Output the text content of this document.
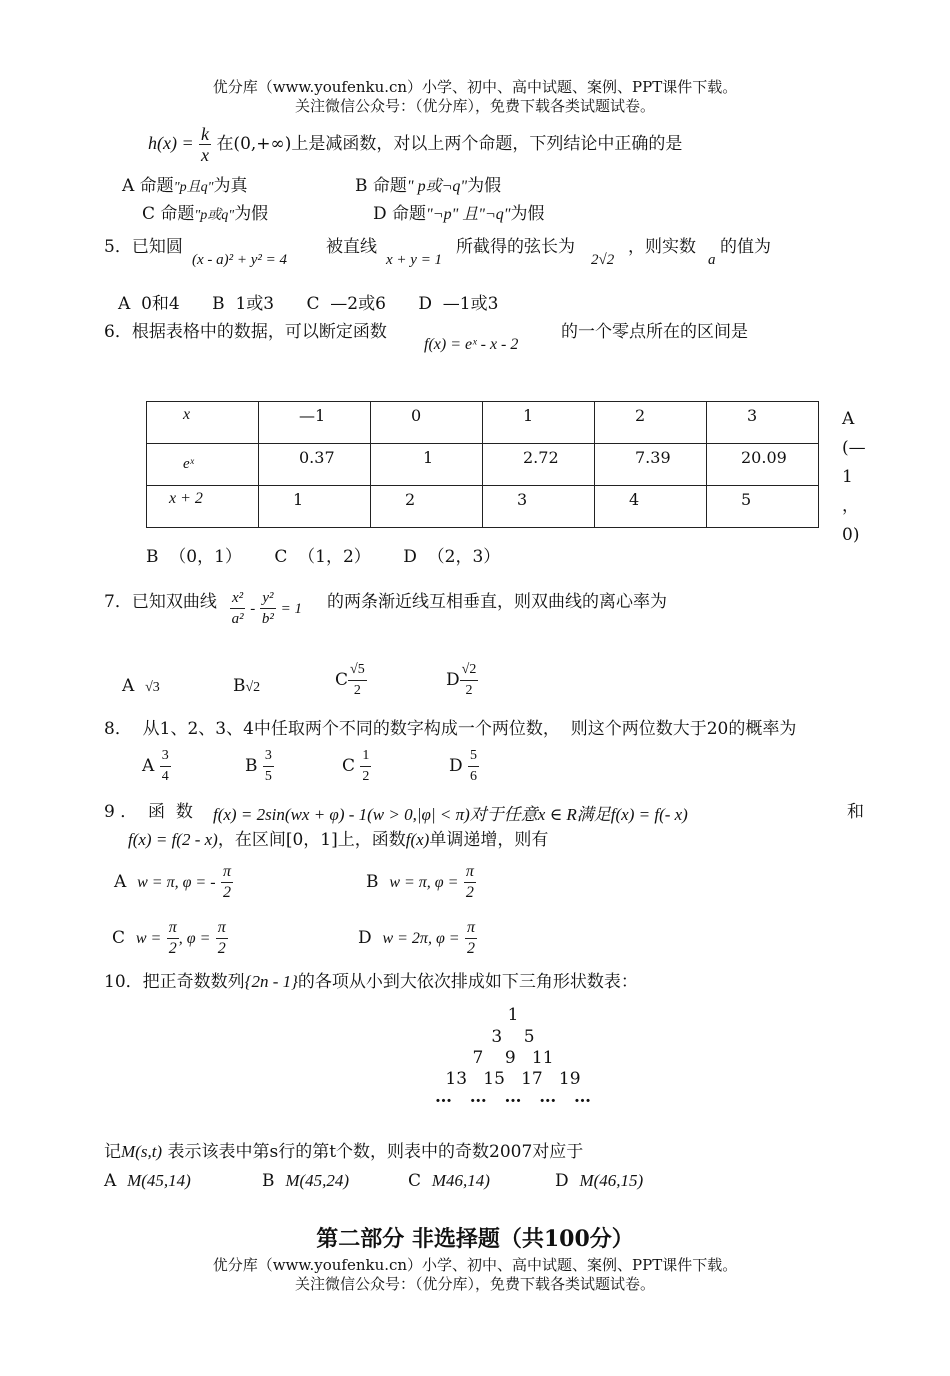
优分库（www.youfenku.cn）小学、初中、高中试题、案例、PPT课件下载。
关注微信公众号：（优分库），免费下载各类试题试卷。
$h(x) = \frac{k}{x}$ 在(0,+∞)上是减函数，对以上两个命题，下列结论中正确的是
A 命题"p且q"为真	B 命题" p或¬q"为假
C 命题"p或q"为假	D 命题"¬p" 且"¬q"为假
5．已知圆
(x - a)² + y² = 4
被直线
x + y = 1
所截得的弦长为
2√2
，则实数
a
的值为
A  0和4      B  1或3      C  —2或6      D  —1或3
6．根据表格中的数据，可以断定函数
f(x) = eˣ - x - 2
的一个零点所在的区间是
x	—1	0	1	2	3
eˣ	0.37	1	2.72	7.39	20.09
x + 2	1	2	3	4	5
A
(—
1
，
0)
B  （0，1）      C  （1，2）      D  （2，3）
7．已知双曲线 $\frac{\text{x²}}{\text{a²}} - \frac{\text{y²}}{\text{b²}} = 1$ 的两条渐近线互相垂直，则双曲线的离心率为
A √3	B√2	C $\frac{√5}{2}$	D $\frac{√2}{2}$
8．  从1、2、3、4中任取两个不同的数字构成一个两位数，  则这个两位数大于20的概率为
A $\frac{3}{4}$	B $\frac{3}{5}$	C $\frac{1}{2}$	D $\frac{5}{6}$
9 ．  函  数 f(x) = 2sin(wx + φ) - 1(w > 0,|φ| < π)对于任意x ∈ R满足f(x) = f(- x)	和
f(x) = f(2 - x)，在区间[0，1]上，函数f(x)单调递增，则有
A w = π, φ = - $\frac{\pi}{2}$	B w = π, $\varphi = \frac{\pi}{2}$
C $w = \frac{\pi}{2}$ , $\varphi = \frac{\pi}{2}$	D w = 2π, $\varphi = \frac{\pi}{2}$
10．把正奇数数列{2n - 1}的各项从小到大依次排成如下三角形状数表：
1
3    5
7    9   11
13   15   17   19
…   …   …   …   …
记M(s,t) 表示该表中第s行的第t个数，则表中的奇数2007对应于
A M(45,14)	B M(45,24)	C M46,14)	D M(46,15)
第二部分 非选择题（共100分）
优分库（www.youfenku.cn）小学、初中、高中试题、案例、PPT课件下载。
关注微信公众号：（优分库），免费下载各类试题试卷。
